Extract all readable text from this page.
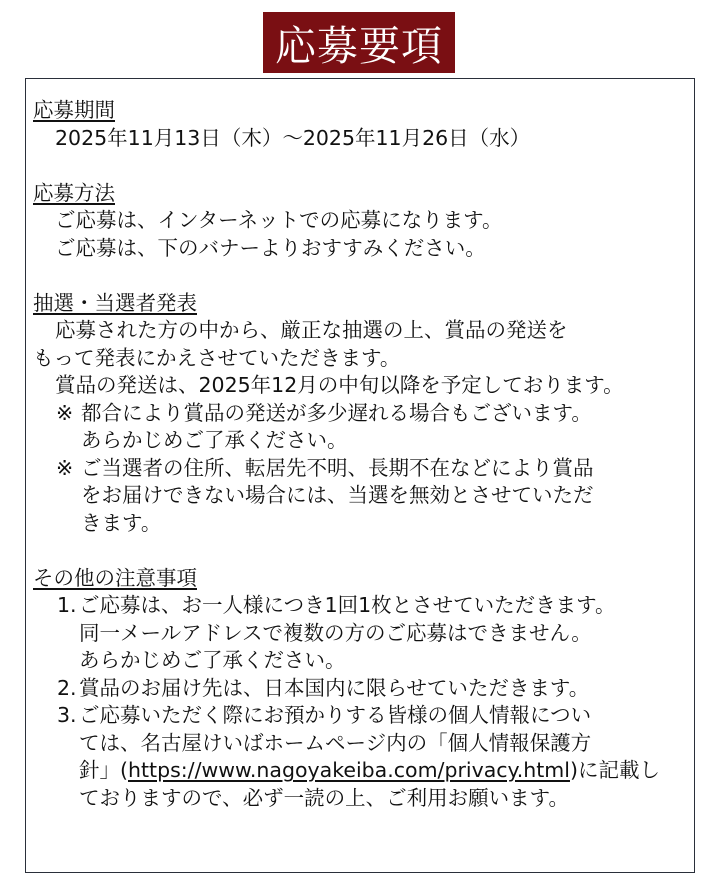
応募要項
応募期間
2025年11月13日（木）～2025年11月26日（水）
応募方法
ご応募は、インターネットでの応募になります。
ご応募は、下のバナーよりおすすみください。
抽選・当選者発表
応募された方の中から、厳正な抽選の上、賞品の発送を
もって発表にかえさせていただきます。
賞品の発送は、2025年12月の中旬以降を予定しております。
※ 都合により賞品の発送が多少遅れる場合もございます。
あらかじめご了承ください。
※ ご当選者の住所、転居先不明、長期不在などにより賞品
をお届けできない場合には、当選を無効とさせていただ
きます。
その他の注意事項
1. ご応募は、お一人様につき1回1枚とさせていただきます。
同一メールアドレスで複数の方のご応募はできません。
あらかじめご了承ください。
2. 賞品のお届け先は、日本国内に限らせていただきます。
3. ご応募いただく際にお預かりする皆様の個人情報につい
ては、名古屋けいばホームページ内の「個人情報保護方
針」(https://www.nagoyakeiba.com/privacy.html)に記載し
ておりますので、必ず一読の上、ご利用お願います。
